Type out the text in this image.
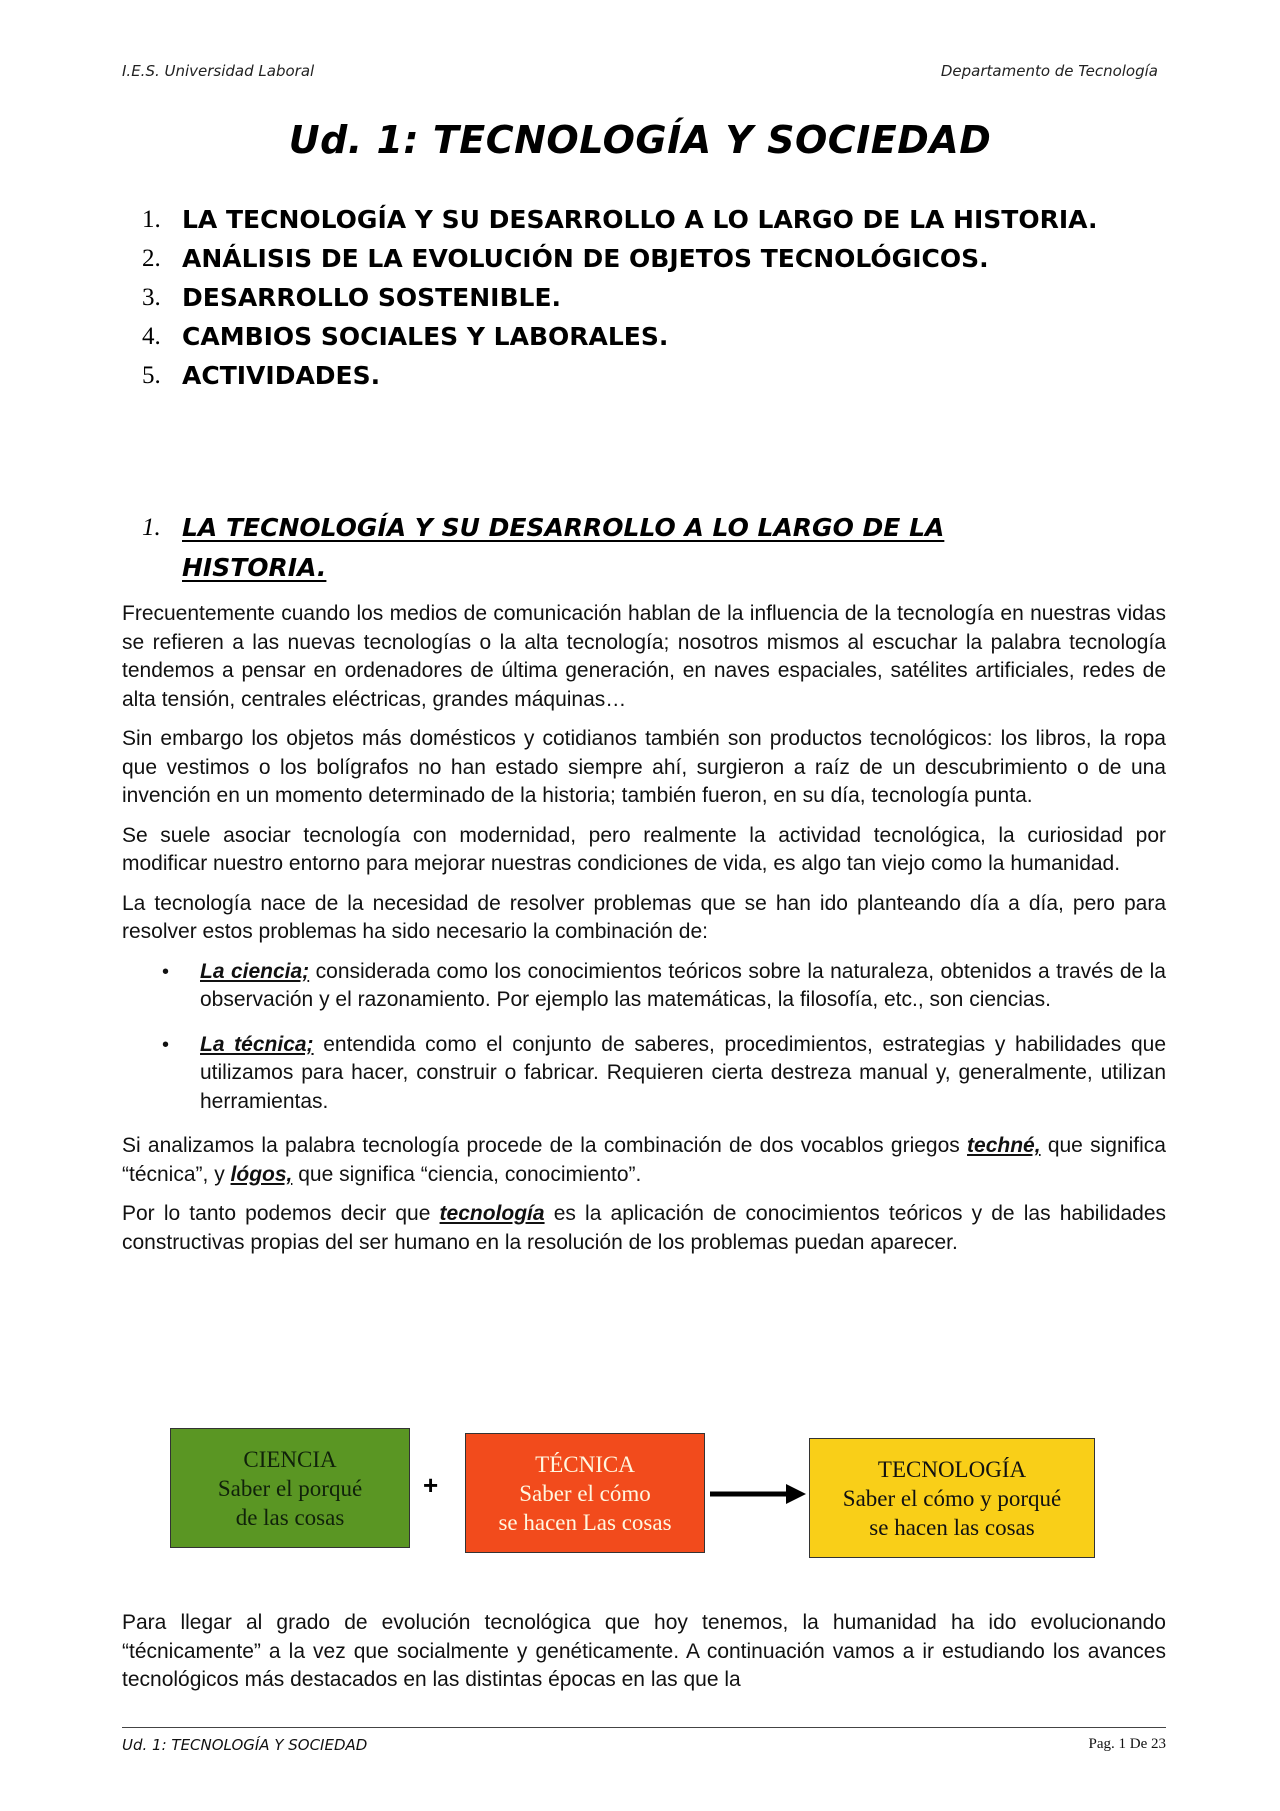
I.E.S. Universidad Laboral	Departamento de Tecnología
Ud. 1: TECNOLOGÍA Y SOCIEDAD
1. LA TECNOLOGÍA Y SU DESARROLLO A LO LARGO DE LA HISTORIA.
2. ANÁLISIS DE LA EVOLUCIÓN DE OBJETOS TECNOLÓGICOS.
3. DESARROLLO SOSTENIBLE.
4. CAMBIOS SOCIALES Y LABORALES.
5. ACTIVIDADES.
1. LA TECNOLOGÍA Y SU DESARROLLO A LO LARGO DE LA HISTORIA.

Frecuentemente cuando los medios de comunicación hablan de la influencia de la tecnología en nuestras vidas se refieren a las nuevas tecnologías o la alta tecnología; nosotros mismos al escuchar la palabra tecnología tendemos a pensar en ordenadores de última generación, en naves espaciales, satélites artificiales, redes de alta tensión, centrales eléctricas, grandes máquinas…

Sin embargo los objetos más domésticos y cotidianos también son productos tecnológicos: los libros, la ropa que vestimos o los bolígrafos no han estado siempre ahí, surgieron a raíz de un descubrimiento o de una invención en un momento determinado de la historia; también fueron, en su día, tecnología punta.

Se suele asociar tecnología con modernidad, pero realmente la actividad tecnológica, la curiosidad por modificar nuestro entorno para mejorar nuestras condiciones de vida, es algo tan viejo como la humanidad.

La tecnología nace de la necesidad de resolver problemas que se han ido planteando día a día, pero para resolver estos problemas ha sido necesario la combinación de:

• La ciencia; considerada como los conocimientos teóricos sobre la naturaleza, obtenidos a través de la observación y el razonamiento. Por ejemplo las matemáticas, la filosofía, etc., son ciencias.
• La técnica; entendida como el conjunto de saberes, procedimientos, estrategias y habilidades que utilizamos para hacer, construir o fabricar. Requieren cierta destreza manual y, generalmente, utilizan herramientas.

Si analizamos la palabra tecnología procede de la combinación de dos vocablos griegos techné, que significa “técnica”, y lógos, que significa “ciencia, conocimiento”.

Por lo tanto podemos decir que tecnología es la aplicación de conocimientos teóricos y de las habilidades constructivas propias del ser humano en la resolución de los problemas puedan aparecer.

CIENCIA
Saber el porqué
de las cosas
+
TÉCNICA
Saber el cómo
se hacen Las cosas
TECNOLOGÍA
Saber el cómo y porqué
se hacen las cosas

Para llegar al grado de evolución tecnológica que hoy tenemos, la humanidad ha ido evolucionando “técnicamente” a la vez que socialmente y genéticamente. A continuación vamos a ir estudiando los avances tecnológicos más destacados en las distintas épocas en las que la

Ud. 1: TECNOLOGÍA Y SOCIEDAD	Pag. 1 De 23
